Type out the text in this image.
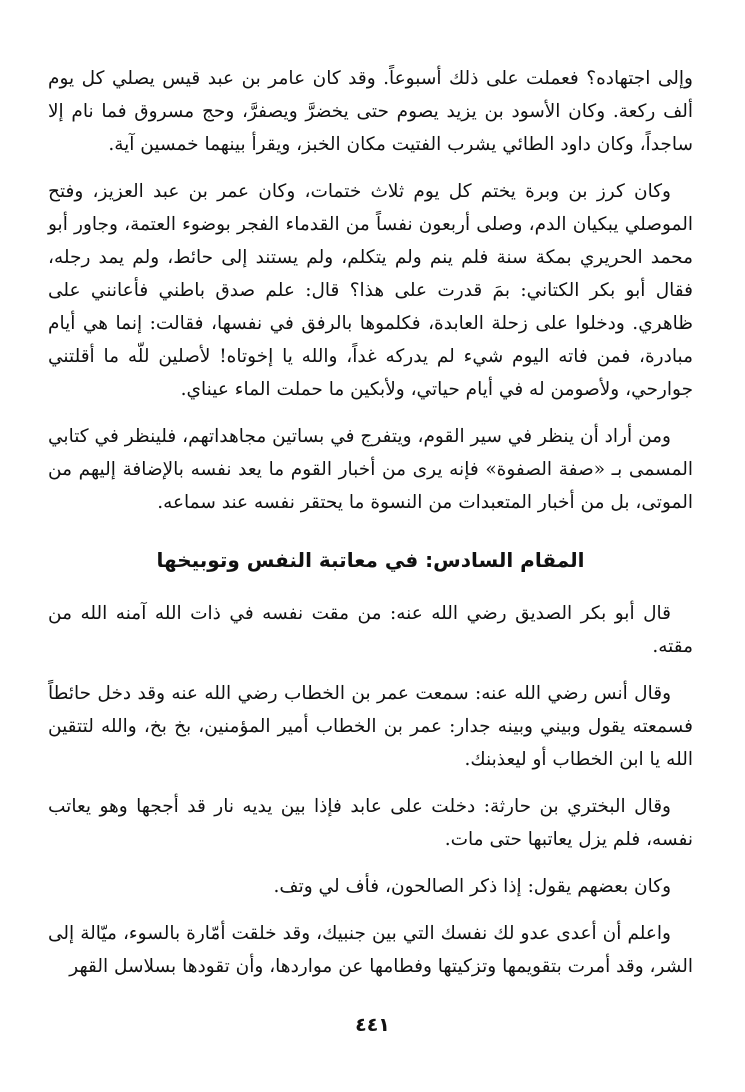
وإلى اجتهاده؟ فعملت على ذلك أسبوعاً. وقد كان عامر بن عبد قيس يصلي كل يوم ألف ركعة. وكان الأسود بن يزيد يصوم حتى يخضرَّ ويصفرَّ، وحج مسروق فما نام إلا ساجداً، وكان داود الطائي يشرب الفتيت مكان الخبز، ويقرأ بينهما خمسين آية.

وكان كرز بن وبرة يختم كل يوم ثلاث ختمات، وكان عمر بن عبد العزيز، وفتح الموصلي يبكيان الدم، وصلى أربعون نفساً من القدماء الفجر بوضوء العتمة، وجاور أبو محمد الحريري بمكة سنة فلم ينم ولم يتكلم، ولم يستند إلى حائط، ولم يمد رجله، فقال أبو بكر الكتاني: بمَ قدرت على هذا؟ قال: علم صدق باطني فأعانني على ظاهري. ودخلوا على زحلة العابدة، فكلموها بالرفق في نفسها، فقالت: إنما هي أيام مبادرة، فمن فاته اليوم شيء لم يدركه غداً، والله يا إخوتاه! لأصلين للّه ما أقلتني جوارحي، ولأصومن له في أيام حياتي، ولأبكين ما حملت الماء عيناي.

ومن أراد أن ينظر في سير القوم، ويتفرج في بساتين مجاهداتهم، فلينظر في كتابي المسمى بـ «صفة الصفوة» فإنه يرى من أخبار القوم ما يعد نفسه بالإضافة إليهم من الموتى، بل من أخبار المتعبدات من النسوة ما يحتقر نفسه عند سماعه.

المقام السادس: في معاتبة النفس وتوبيخها

قال أبو بكر الصديق رضي الله عنه: من مقت نفسه في ذات الله آمنه الله من مقته.

وقال أنس رضي الله عنه: سمعت عمر بن الخطاب رضي الله عنه وقد دخل حائطاً فسمعته يقول وبيني وبينه جدار: عمر بن الخطاب أمير المؤمنين، بخ بخ، والله لتتقين الله يا ابن الخطاب أو ليعذبنك.

وقال البختري بن حارثة: دخلت على عابد فإذا بين يديه نار قد أججها وهو يعاتب نفسه، فلم يزل يعاتبها حتى مات.

وكان بعضهم يقول: إذا ذكر الصالحون، فأف لي وتف.

واعلم أن أعدى عدو لك نفسك التي بين جنبيك، وقد خلقت أمّارة بالسوء، ميّالة إلى الشر، وقد أمرت بتقويمها وتزكيتها وفطامها عن مواردها، وأن تقودها بسلاسل القهر

٤٤١
